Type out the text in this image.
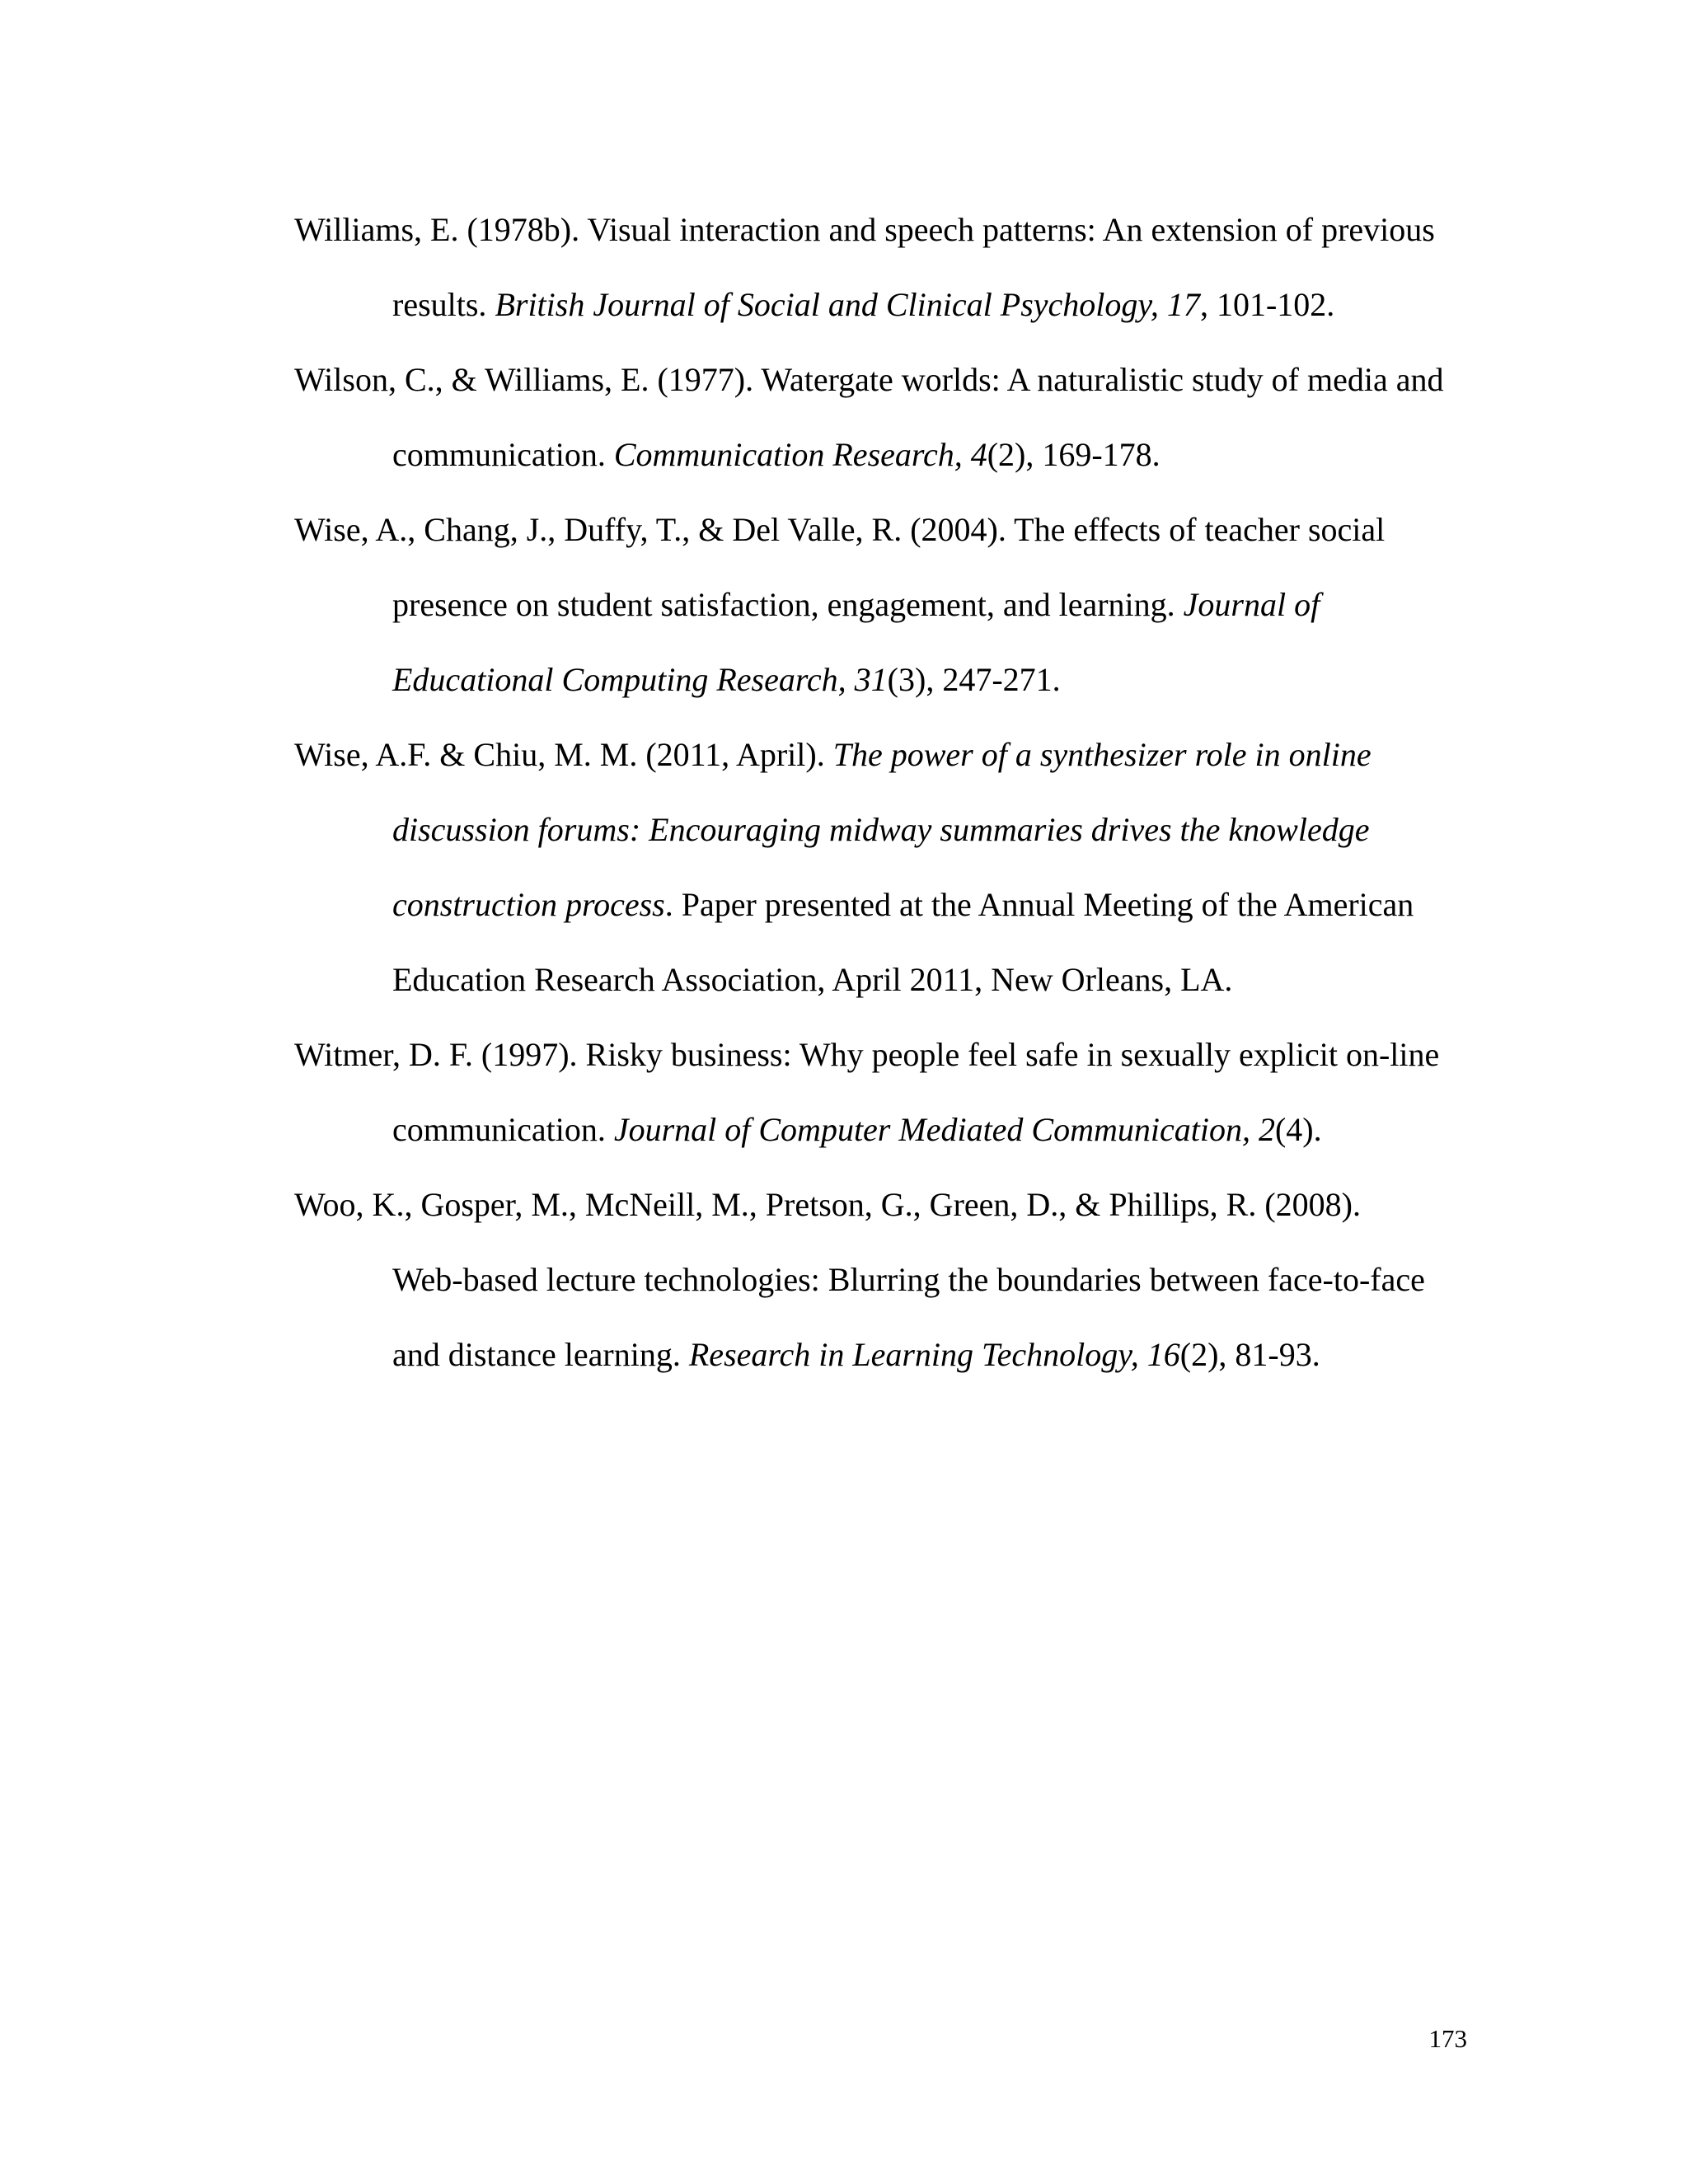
Williams, E. (1978b). Visual interaction and speech patterns: An extension of previous
results. British Journal of Social and Clinical Psychology, 17, 101-102.
Wilson, C., & Williams, E. (1977). Watergate worlds: A naturalistic study of media and
communication. Communication Research, 4(2), 169-178.
Wise, A., Chang, J., Duffy, T., & Del Valle, R. (2004). The effects of teacher social
presence on student satisfaction, engagement, and learning. Journal of
Educational Computing Research, 31(3), 247-271.
Wise, A.F. & Chiu, M. M. (2011, April). The power of a synthesizer role in online
discussion forums: Encouraging midway summaries drives the knowledge
construction process. Paper presented at the Annual Meeting of the American
Education Research Association, April 2011, New Orleans, LA.
Witmer, D. F. (1997). Risky business: Why people feel safe in sexually explicit on-line
communication. Journal of Computer Mediated Communication, 2(4).
Woo, K., Gosper, M., McNeill, M., Pretson, G., Green, D., & Phillips, R. (2008).
Web-based lecture technologies: Blurring the boundaries between face-to-face
and distance learning. Research in Learning Technology, 16(2), 81-93.
173
